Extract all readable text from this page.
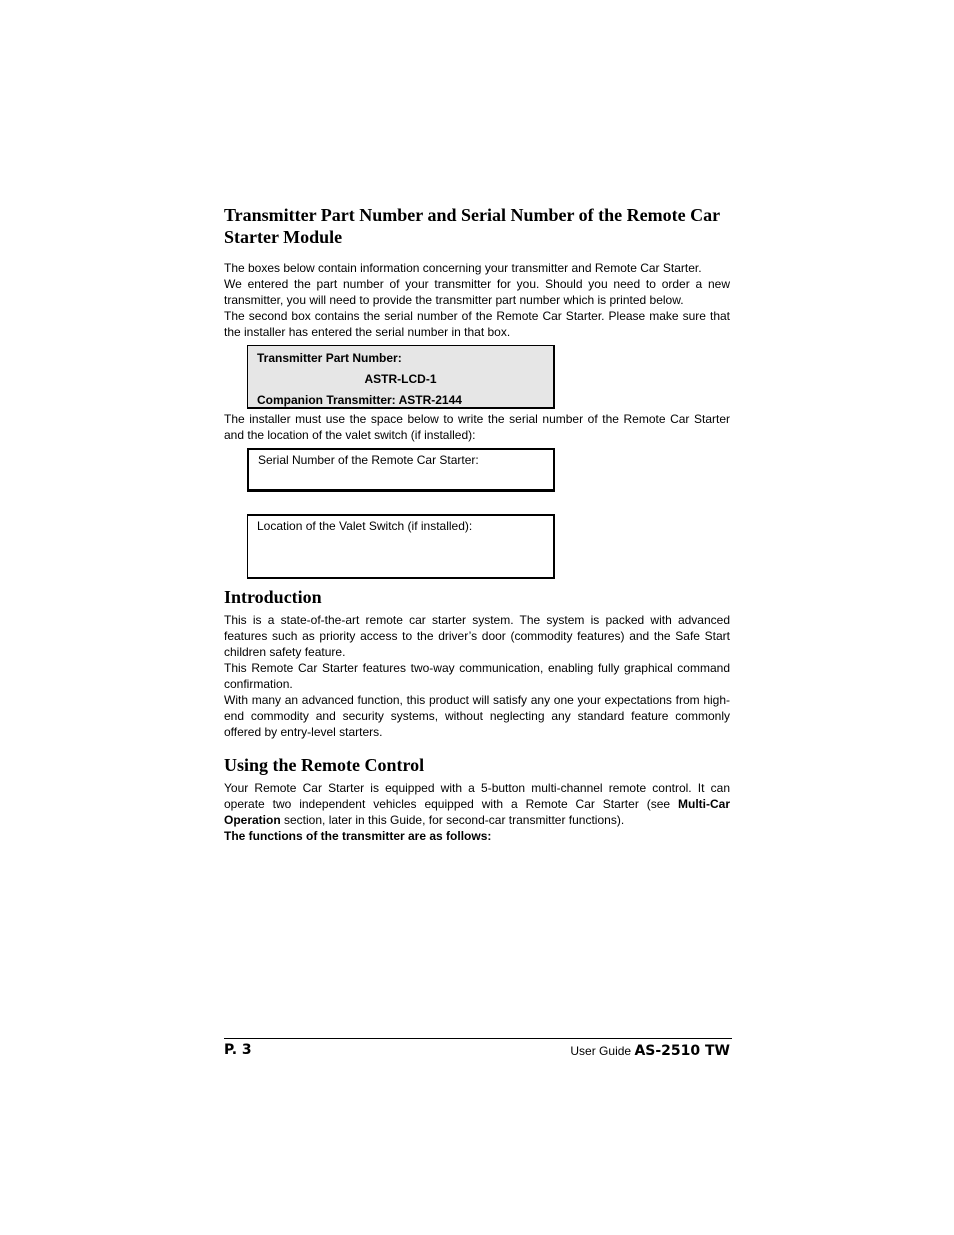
Transmitter Part Number and Serial Number of the Remote Car Starter Module

The boxes below contain information concerning your transmitter and Remote Car Starter.

We entered the part number of your transmitter for you. Should you need to order a new transmitter, you will need to provide the transmitter part number which is printed below.

The second box contains the serial number of the Remote Car Starter. Please make sure that the installer has entered the serial number in that box.

Transmitter Part Number:
ASTR-LCD-1
Companion Transmitter: ASTR-2144

The installer must use the space below to write the serial number of the Remote Car Starter and the location of the valet switch (if installed):

Serial Number of the Remote Car Starter:
Location of the Valet Switch (if installed):
Introduction

This is a state-of-the-art remote car starter system. The system is packed with advanced features such as priority access to the driver’s door (commodity features) and the Safe Start children safety feature.

This Remote Car Starter features two-way communication, enabling fully graphical command confirmation.

With many an advanced function, this product will satisfy any one your expectations from high-end commodity and security systems, without neglecting any standard feature commonly offered by entry-level starters.

Using the Remote Control

Your Remote Car Starter is equipped with a 5-button multi-channel remote control. It can operate two independent vehicles equipped with a Remote Car Starter (see Multi-Car Operation section, later in this Guide, for second-car transmitter functions).

The functions of the transmitter are as follows:

P. 3	User Guide AS-2510 TW
